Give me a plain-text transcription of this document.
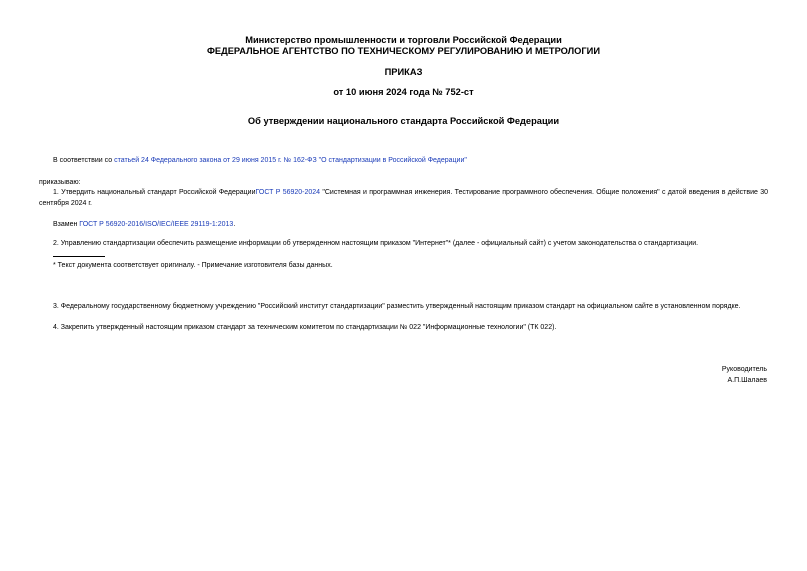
Министерство промышленности и торговли Российской Федерации
ФЕДЕРАЛЬНОЕ АГЕНТСТВО ПО ТЕХНИЧЕСКОМУ РЕГУЛИРОВАНИЮ И МЕТРОЛОГИИ
ПРИКАЗ
от 10 июня 2024 года № 752-ст
Об утверждении национального стандарта Российской Федерации
В соответствии со статьей 24 Федерального закона от 29 июня 2015 г. № 162-ФЗ "О стандартизации в Российской Федерации"
приказываю:
1. Утвердить национальный стандарт Российской ФедерацииГОСТ Р 56920-2024 "Системная и программная инженерия. Тестирование программного обеспечения. Общие положения" с датой введения в действие 30 сентября 2024 г.
Взамен ГОСТ Р 56920-2016/ISO/IEC/IEEE 29119-1:2013.
2. Управлению стандартизации обеспечить размещение информации об утвержденном настоящим приказом "Интернет"* (далее - официальный сайт) с учетом законодательства о стандартизации.
* Текст документа соответствует оригиналу. - Примечание изготовителя базы данных.
3. Федеральному государственному бюджетному учреждению "Российский институт стандартизации" разместить утвержденный настоящим приказом стандарт на официальном сайте в установленном порядке.
4. Закрепить утвержденный настоящим приказом стандарт за техническим комитетом по стандартизации № 022 "Информационные технологии" (ТК 022).
Руководитель
А.П.Шалаев
